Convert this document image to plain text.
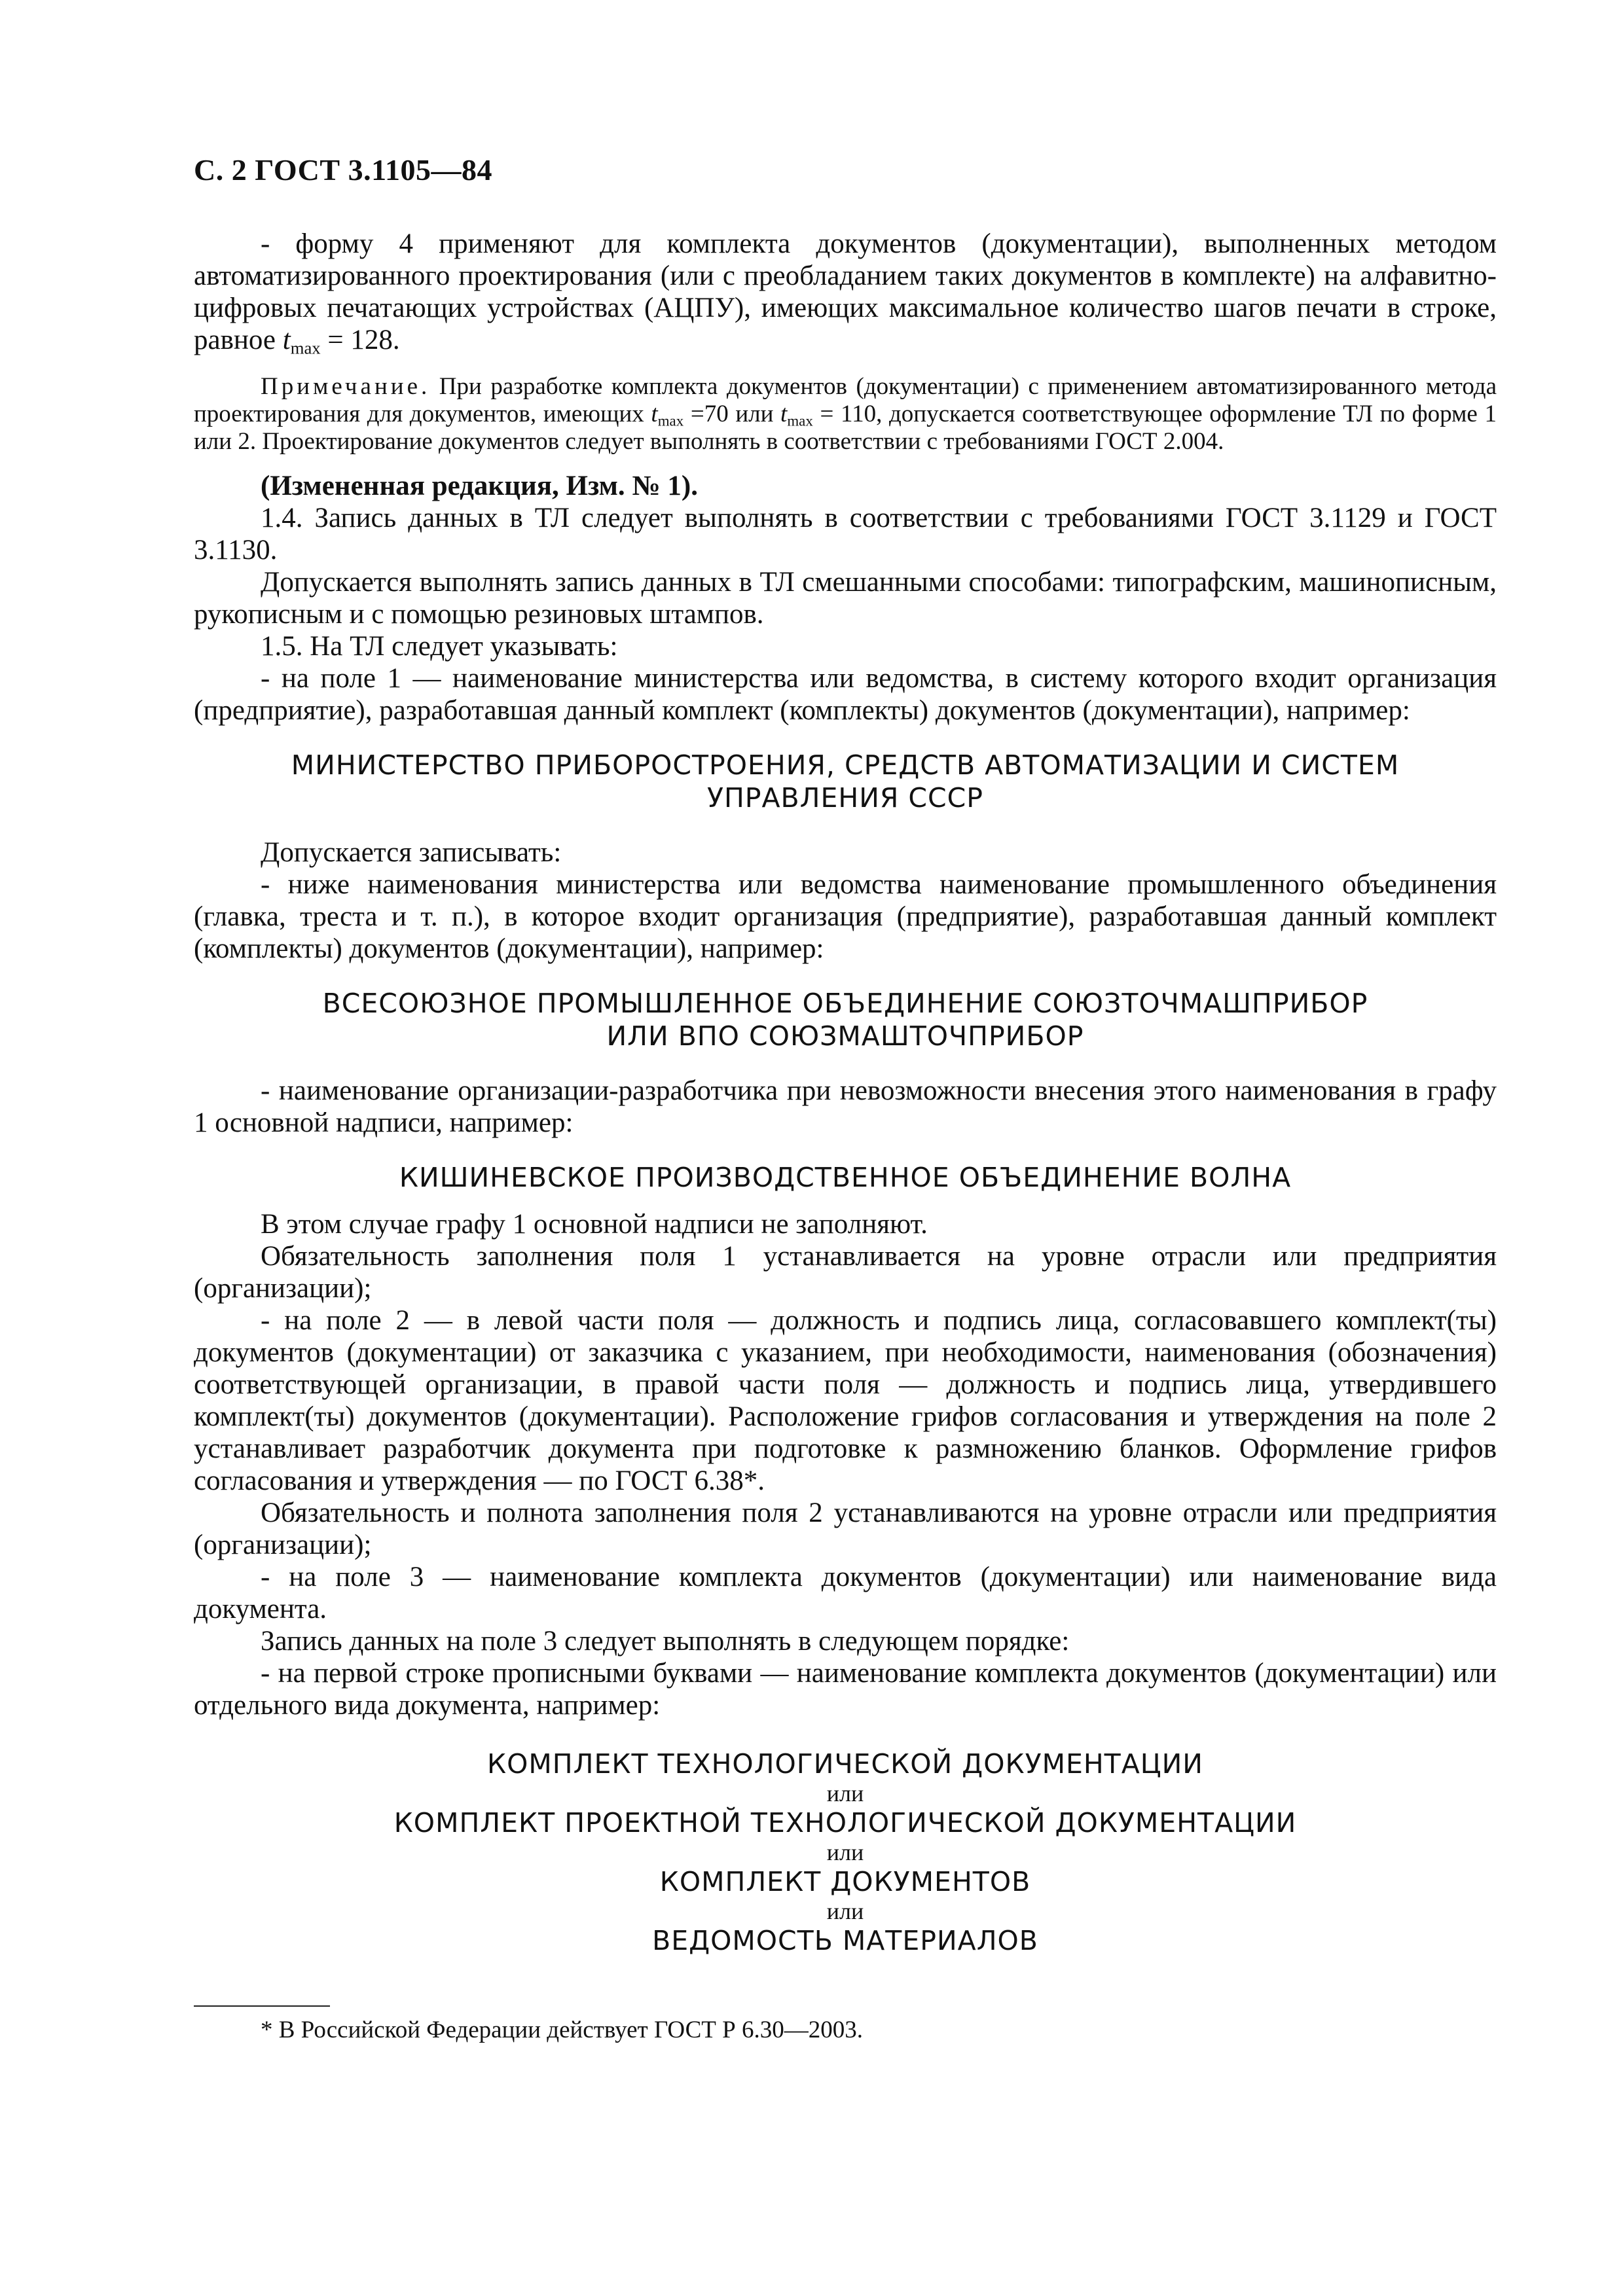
С. 2 ГОСТ 3.1105—84

- форму 4 применяют для комплекта документов (документации), выполненных методом автоматизированного проектирования (или с преобладанием таких документов в комплекте) на алфавитно-цифровых печатающих устройствах (АЦПУ), имеющих максимальное количество шагов печати в строке, равное $t_{max} = 128$.

Примечание. При разработке комплекта документов (документации) с применением автоматизированного метода проектирования для документов, имеющих $t_{max} =70$ или $t_{max} = 110$, допускается соответствующее оформление ТЛ по форме 1 или 2. Проектирование документов следует выполнять в соответствии с требованиями ГОСТ 2.004.

(Измененная редакция, Изм. № 1).

1.4. Запись данных в ТЛ следует выполнять в соответствии с требованиями ГОСТ 3.1129 и ГОСТ 3.1130.

Допускается выполнять запись данных в ТЛ смешанными способами: типографским, машинописным, рукописным и с помощью резиновых штампов.

1.5. На ТЛ следует указывать:

- на поле 1 — наименование министерства или ведомства, в систему которого входит организация (предприятие), разработавшая данный комплект (комплекты) документов (документации), например:

МИНИСТЕРСТВО ПРИБОРОСТРОЕНИЯ, СРЕДСТВ АВТОМАТИЗАЦИИ И СИСТЕМ
УПРАВЛЕНИЯ СССР

Допускается записывать:

- ниже наименования министерства или ведомства наименование промышленного объединения (главка, треста и т. п.), в которое входит организация (предприятие), разработавшая данный комплект (комплекты) документов (документации), например:

ВСЕСОЮЗНОЕ ПРОМЫШЛЕННОЕ ОБЪЕДИНЕНИЕ СОЮЗТОЧМАШПРИБОР
ИЛИ ВПО СОЮЗМАШТОЧПРИБОР

- наименование организации-разработчика при невозможности внесения этого наименования в графу 1 основной надписи, например:

КИШИНЕВСКОЕ ПРОИЗВОДСТВЕННОЕ ОБЪЕДИНЕНИЕ ВОЛНА

В этом случае графу 1 основной надписи не заполняют.

Обязательность заполнения поля 1 устанавливается на уровне отрасли или предприятия (организации);

- на поле 2 — в левой части поля — должность и подпись лица, согласовавшего комплект(ты) документов (документации) от заказчика с указанием, при необходимости, наименования (обозначения) соответствующей организации, в правой части поля — должность и подпись лица, утвердившего комплект(ты) документов (документации). Расположение грифов согласования и утверждения на поле 2 устанавливает разработчик документа при подготовке к размножению бланков. Оформление грифов согласования и утверждения — по ГОСТ 6.38*.

Обязательность и полнота заполнения поля 2 устанавливаются на уровне отрасли или предприятия (организации);

- на поле 3 — наименование комплекта документов (документации) или наименование вида документа.

Запись данных на поле 3 следует выполнять в следующем порядке:

- на первой строке прописными буквами — наименование комплекта документов (документации) или отдельного вида документа, например:

КОМПЛЕКТ ТЕХНОЛОГИЧЕСКОЙ ДОКУМЕНТАЦИИ
или
КОМПЛЕКТ ПРОЕКТНОЙ ТЕХНОЛОГИЧЕСКОЙ ДОКУМЕНТАЦИИ
или
КОМПЛЕКТ ДОКУМЕНТОВ
или
ВЕДОМОСТЬ МАТЕРИАЛОВ
* В Российской Федерации действует ГОСТ Р 6.30—2003.
